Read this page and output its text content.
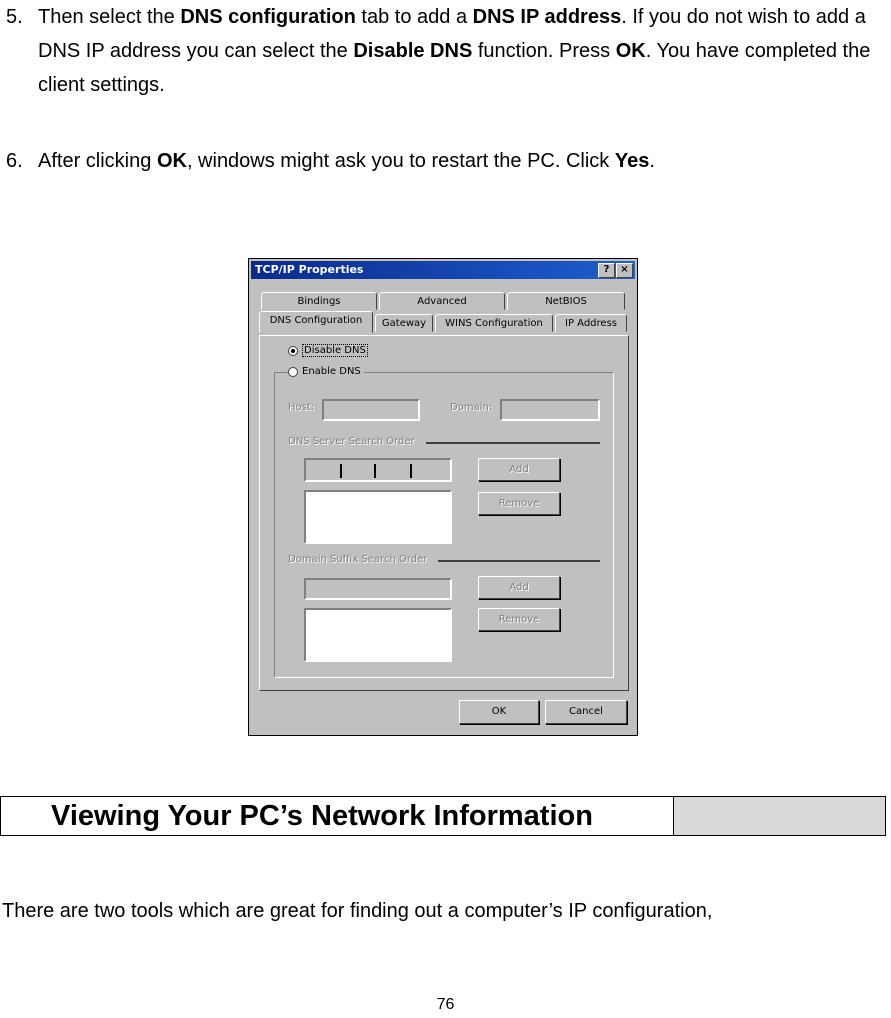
5. Then select the DNS configuration tab to add a DNS IP address. If you do not wish to add a DNS IP address you can select the Disable DNS function. Press OK. You have completed the client settings.
6. After clicking OK, windows might ask you to restart the PC. Click Yes.
TCP/IP Properties	?	×
Bindings	Advanced	NetBIOS
DNS Configuration	Gateway	WINS Configuration	IP Address
Disable DNS
Enable DNS
Host:	Domain:
DNS Server Search Order
Add
Remove
Domain Suffix Search Order
Add
Remove
OK	Cancel
Viewing Your PC’s Network Information
There are two tools which are great for finding out a computer’s IP configuration,
76
